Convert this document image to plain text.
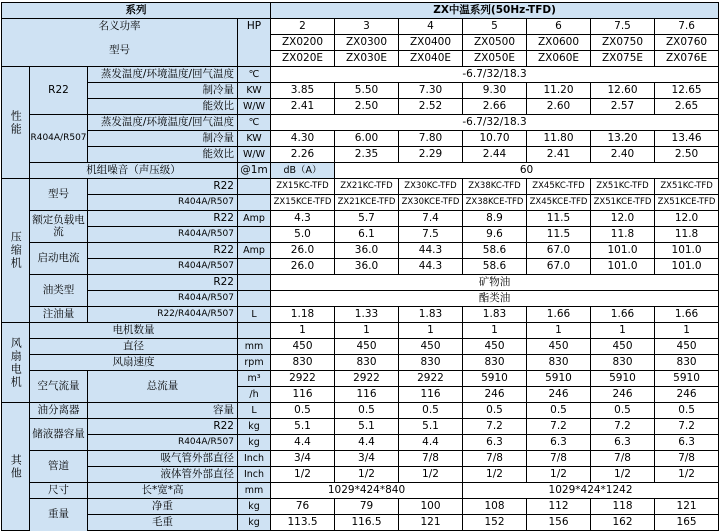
系列				ZX中温系列(50Hz-TFD)						
名义功率			HP	2	3	4	5	6	7.5	7.6
型号				ZX0200	ZX0300	ZX0400	ZX0500	ZX0600	ZX0750	ZX0760
				ZX020E	ZX030E	ZX040E	ZX050E	ZX060E	ZX075E	ZX076E
性能	R22	蒸发温度/环境温度/回气温度	℃	-6.7/32/18.3						
		制冷量	KW	3.85	5.50	7.30	9.30	11.20	12.60	12.65
		能效比	W/W	2.41	2.50	2.52	2.66	2.60	2.57	2.65
	R404A/R507	蒸发温度/环境温度/回气温度	℃	-6.7/32/18.3						
		制冷量	KW	4.30	6.00	7.80	10.70	11.80	13.20	13.46
		能效比	W/W	2.26	2.35	2.29	2.44	2.41	2.40	2.50
	机组噪音（声压级）		@1m	dB（A）	60					
压缩机	型号	R22		ZX15KC-TFD	ZX21KC-TFD	ZX30KC-TFD	ZX38KC-TFD	ZX45KC-TFD	ZX51KC-TFD	ZX51KC-TFD
		R404A/R507		ZX15KCE-TFD	ZX21KCE-TFD	ZX30KCE-TFD	ZX38KCE-TFD	ZX45KCE-TFD	ZX51KCE-TFD	ZX51KCE-TFD
	额定负载电流	R22	Amp	4.3	5.7	7.4	8.9	11.5	12.0	12.0
		R404A/R507		5.0	6.1	7.5	9.6	11.5	11.8	11.8
	启动电流	R22	Amp	26.0	36.0	44.3	58.6	67.0	101.0	101.0
		R404A/R507		26.0	36.0	44.3	58.6	67.0	101.0	101.0
	油类型	R22		矿物油						
		R404A/R507		酯类油						
	注油量	R22/R404A/R507	L	1.18	1.33	1.83	1.83	1.66	1.66	1.66

风扇电机	电机数量			1	1	1	1	1	1	1
	直径		mm	450	450	450	450	450	450	450
	风扇速度		rpm	830	830	830	830	830	830	830
	空气流量	总流量	m³	2922	2922	2922	5910	5910	5910	5910
			/h	116	116	116	246	246	246	246
其他	油分离器	容量	L	0.5	0.5	0.5	0.5	0.5	0.5	0.5
	储液器容量	R22	kg	5.1	5.1	5.1	7.2	7.2	7.2	7.2
		R404A/R507	kg	4.4	4.4	4.4	6.3	6.3	6.3	6.3
	管道	吸气管外部直径	Inch	3/4	3/4	7/8	7/8	7/8	7/8	7/8
		液体管外部直径	Inch	1/2	1/2	1/2	1/2	1/2	1/2	1/2
	尺寸	长*宽*高	mm	1029*424*840			1029*424*1242			
	重量	净重	kg	76	79	100	108	112	118	121
		毛重	kg	113.5	116.5	121	152	156	162	165
